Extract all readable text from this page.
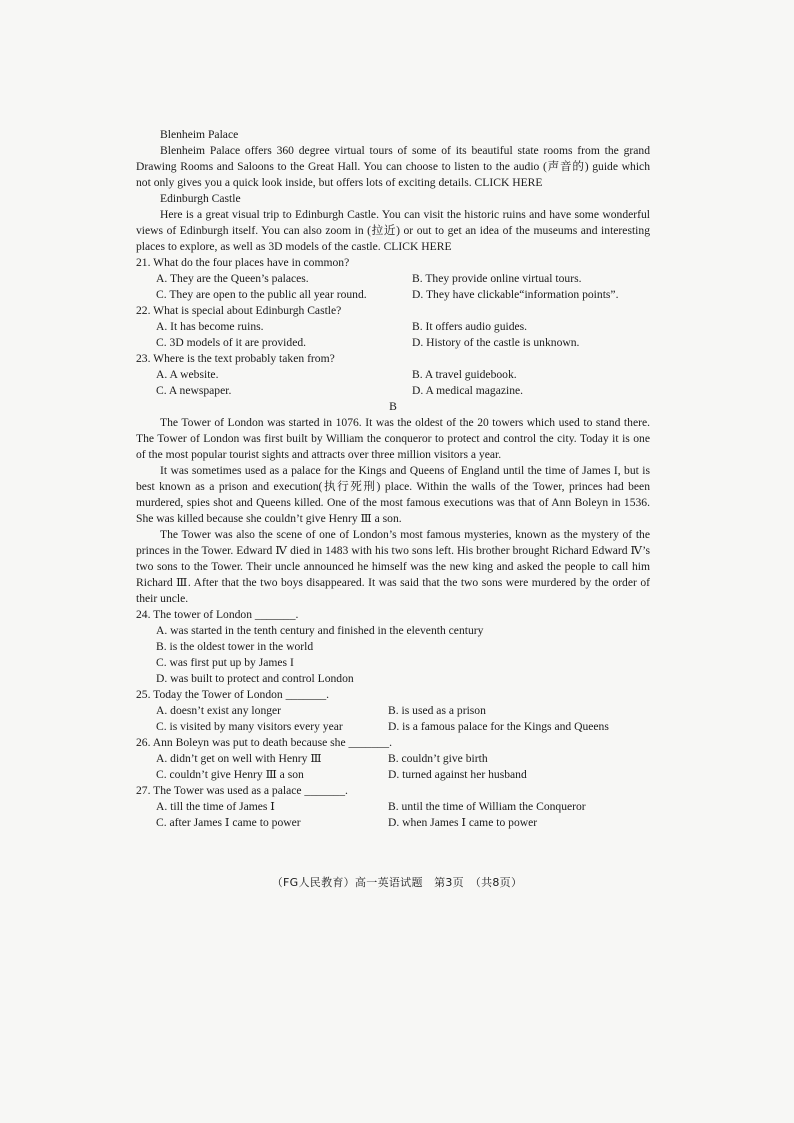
Blenheim Palace

Blenheim Palace offers 360 degree virtual tours of some of its beautiful state rooms from the grand Drawing Rooms and Saloons to the Great Hall. You can choose to listen to the audio (声音的) guide which not only gives you a quick look inside, but offers lots of exciting details. CLICK HERE

Edinburgh Castle

Here is a great visual trip to Edinburgh Castle. You can visit the historic ruins and have some wonderful views of Edinburgh itself. You can also zoom in (拉近) or out to get an idea of the museums and interesting places to explore, as well as 3D models of the castle. CLICK HERE

21. What do the four places have in common?

A. They are the Queen’s palaces.	B. They provide online virtual tours.
C. They are open to the public all year round.	D. They have clickable“information points”.

22. What is special about Edinburgh Castle?

A. It has become ruins.	B. It offers audio guides.
C. 3D models of it are provided.	D. History of the castle is unknown.

23. Where is the text probably taken from?

A. A website.	B. A travel guidebook.
C. A newspaper.	D. A medical magazine.

B

The Tower of London was started in 1076. It was the oldest of the 20 towers which used to stand there. The Tower of London was first built by William the conqueror to protect and control the city. Today it is one of the most popular tourist sights and attracts over three million visitors a year.

It was sometimes used as a palace for the Kings and Queens of England until the time of James I, but is best known as a prison and execution(执行死刑) place. Within the walls of the Tower, princes had been murdered, spies shot and Queens killed. One of the most famous executions was that of Ann Boleyn in 1536. She was killed because she couldn’t give Henry Ⅲ a son.

The Tower was also the scene of one of London’s most famous mysteries, known as the mystery of the princes in the Tower. Edward Ⅳ died in 1483 with his two sons left. His brother brought Richard Edward Ⅳ’s two sons to the Tower. Their uncle announced he himself was the new king and asked the people to call him Richard Ⅲ. After that the two boys disappeared. It was said that the two sons were murdered by the order of their uncle.

24. The tower of London _______.

A. was started in the tenth century and finished in the eleventh century
B. is the oldest tower in the world
C. was first put up by James I
D. was built to protect and control London

25. Today the Tower of London _______.

A. doesn’t exist any longer	B. is used as a prison
C. is visited by many visitors every year	D. is a famous palace for the Kings and Queens

26. Ann Boleyn was put to death because she _______.

A. didn’t get on well with Henry Ⅲ	B. couldn’t give birth
C. couldn’t give Henry Ⅲ a son	D. turned against her husband

27. The Tower was used as a palace _______.

A. till the time of James Ⅰ	B. until the time of William the Conqueror
C. after James Ⅰ came to power	D. when James Ⅰ came to power
（FG人民教育）高一英语试题　第3页　（共8页）
